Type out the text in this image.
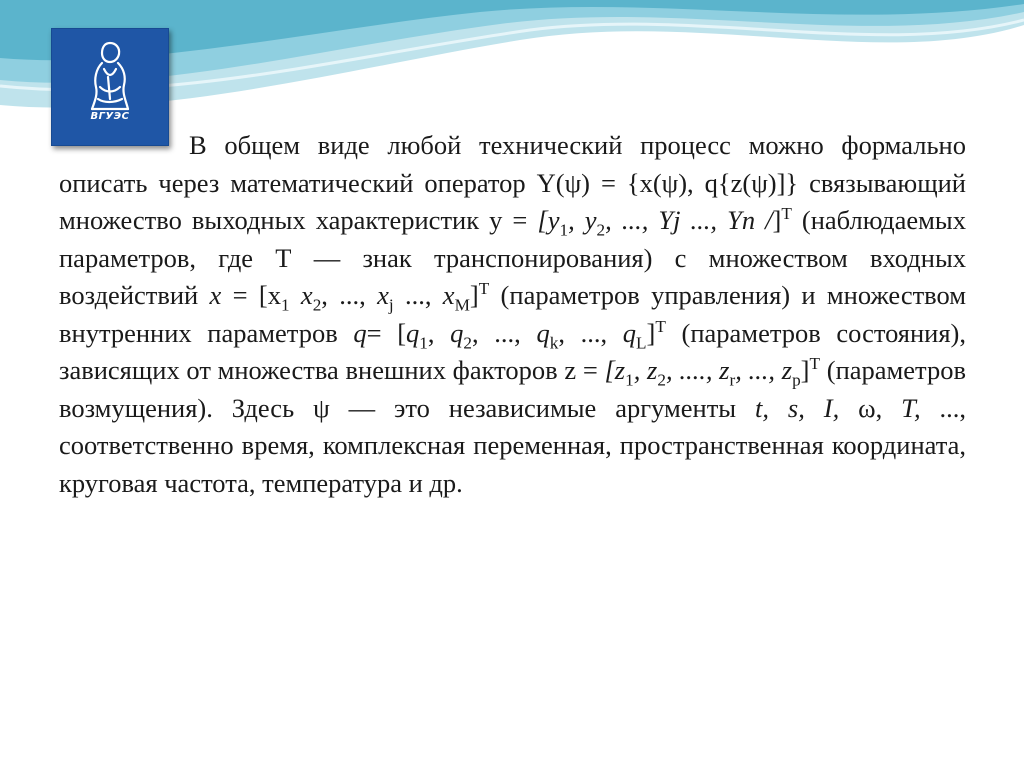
ВГУЭС
В общем виде любой технический процесс можно формально описать через математический оператор Y(ψ) = {x(ψ), q{z(ψ)]} связывающий множество выходных характеристик $y = [y_1$, $y_2$, ..., Yj ..., Yn /]$^T$ (наблюдаемых параметров, где Т — знак транспонирования) с множеством входных воздействий $x = [x_1$ $x_2$, ..., $x_j$ ..., $x_M]^T$ (параметров управления) и множеством внутренних параметров $q= [q_1$, $q_2$, ..., $q_k$, ..., $q_L]^T$ (параметров состояния), зависящих от множества внешних факторов $z = [z_1$, $z_2$, ...., $z_r$, ..., $z_p]^T$ (параметров возмущения). Здесь ψ — это независимые аргументы t, s, I, ω, T, ..., соответственно время, комплексная переменная, пространственная координата, круговая частота, температура и др.
